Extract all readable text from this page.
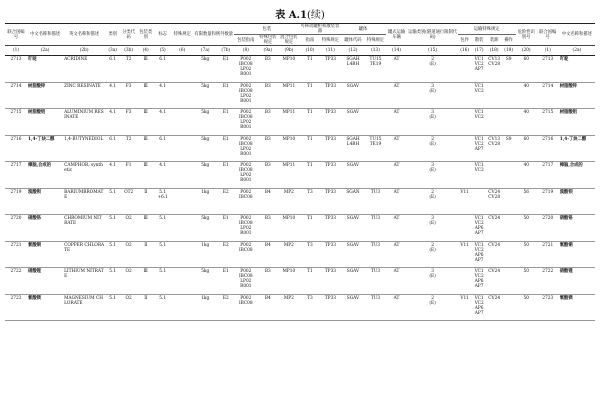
表 A.1(续)
联合国编号	中文名称和描述	英文名称和描述	类别	分类代码	包装类别	标志	特殊规定	有限数量和例外数量		包装			可移动罐柜和散装容器		罐体		罐式运输车辆	运输类别(隧道通行限制代码)	运输特殊规定				危险性识别号	联合国编号	中文名称和描述
										包装指南	特殊包装规定	混合包装规定	指南	特殊规定	罐体代码	特殊规定			包件	散装	装卸	操作			
(1)	(2a)	(2b)	(3a)	(3b)	(4)	(5)	(6)	(7a)	(7b)	(8)	(9a)	(9b)	(10)	(11)	(12)	(13)	(14)	(15)	(16)	(17)	(18)	(19)	(20)	(1)	(2a)
2713	吖啶	ACRIDINE	6.1	T2	Ⅲ	6.1		5kg	E1	P002
IBC08
LP02
R001	B3	MP10	T1	TP33	SGAH
L4BH	TU15
TE19	AT	2
(E)		VC1
VC2
AP7	CV13
CV28	S9	60	2713	吖啶
2714	树脂酸锌	ZINC RESINATE	4.1	F3	Ⅲ	4.1		5kg	E1	P002
IBC08
LP02
R001	B3	MP11	T1	TP33	SGAV		AT	3
(E)		VC1
VC2			40	2714	树脂酸锌
2715	树脂酸铝	ALUMINIUM RESINATE	4.1	F3	Ⅲ	4.1		5kg	E1	P002
IBC08
LP02
R001	B3	MP11	T1	TP33	SGAV		AT	3
(E)		VC1
VC2			40	2715	树脂酸铝
2716	1,4-丁炔二醇	1,4-BUTYNEDIOL	6.1	T2	Ⅲ	6.1		5kg	E1	P002
IBC08
LP02
R001	B3	MP10	T1	TP33	SGAH
L4BH	TU15
TE19	AT	2
(E)		VC1
VC2
AP7	CV13
CV28	S9	60	2716	1,4-丁炔二醇
2717	樟脑,合成的	CAMPHOR, synthetic	4.1	F1	Ⅲ	4.1		5kg	E1	P002
IBC08
LP02
R001	B3	MP11	T1	TP33	SGAV		AT	3
(E)		VC1
VC2			40	2717	樟脑,合成的
2719	溴酸钡	BARIUMBROMATE	5.1	OT2	Ⅱ	5.1
+6.1		1kg	E2	P002
IBC08	B4	MP2	T3	TP33	SGAN	TU3	AT	2
(E)	V11		CV24
CV28		56	2719	溴酸钡
2720	硝酸铬	CHROMIUM NITRATE	5.1	O2	Ⅲ	5.1		5kg	E1	P002
IBC08
LP02
R001	B3	MP10	T1	TP33	SGAV	TU3	AT	3
(E)		VC1
VC2
AP6
AP7	CV24		50	2720	硝酸铬
2721	氯酸铜	COPPER CHLORATE	5.1	O2	Ⅱ	5.1		1kg	E2	P002
IBC08	B4	MP2	T3	TP33	SGAV	TU3	AT	2
(E)	V11	VC1
VC2
AP6
AP7	CV24		50	2721	氯酸铜
2722	硝酸锂	LITHIUM NITRATE	5.1	O2	Ⅲ	5.1		5kg	E1	P002
IBC08
LP02
R001	B3	MP10	T1	TP33	SGAV	TU3	AT	3
(E)		VC1
VC2
AP6
AP7	CV24		50	2722	硝酸锂
2723	氯酸镁	MAGNESIUM CHLORATE	5.1	O2	Ⅱ	5.1		1kg	E2	P002
IBC08	B4	MP2	T3	TP33	SGAV	TU3	AT	2
(E)	V11	VC1
VC2
AP6
AP7	CV24		50	2723	氯酸镁
